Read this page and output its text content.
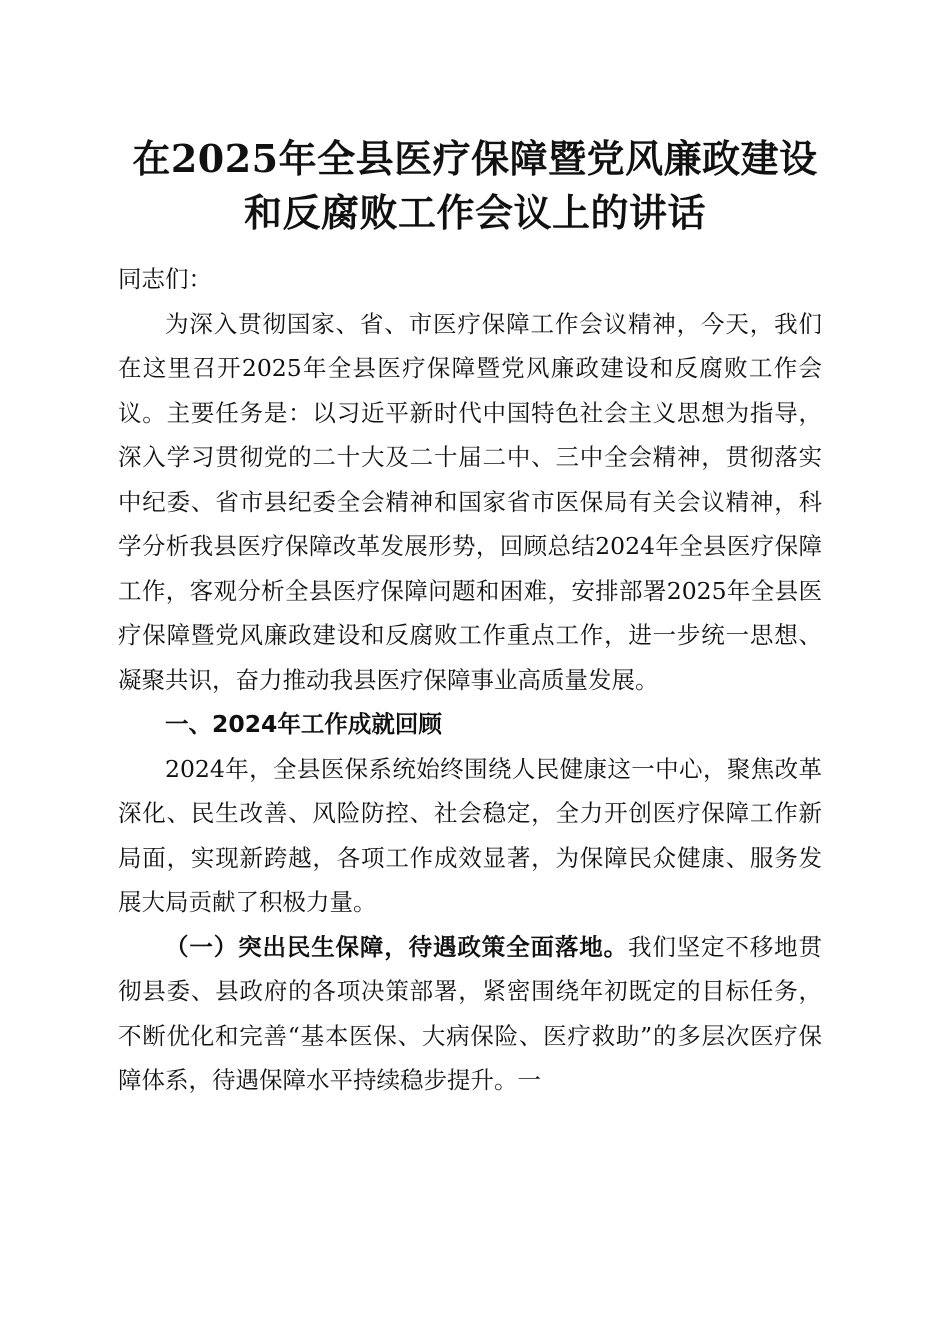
在2025年全县医疗保障暨党风廉政建设和反腐败工作会议上的讲话

同志们：

为深入贯彻国家、省、市医疗保障工作会议精神，今天，我们在这里召开2025年全县医疗保障暨党风廉政建设和反腐败工作会议。主要任务是：以习近平新时代中国特色社会主义思想为指导，深入学习贯彻党的二十大及二十届二中、三中全会精神，贯彻落实中纪委、省市县纪委全会精神和国家省市医保局有关会议精神，科学分析我县医疗保障改革发展形势，回顾总结2024年全县医疗保障工作，客观分析全县医疗保障问题和困难，安排部署2025年全县医疗保障暨党风廉政建设和反腐败工作重点工作，进一步统一思想、凝聚共识，奋力推动我县医疗保障事业高质量发展。

一、2024年工作成就回顾

2024年，全县医保系统始终围绕人民健康这一中心，聚焦改革深化、民生改善、风险防控、社会稳定，全力开创医疗保障工作新局面，实现新跨越，各项工作成效显著，为保障民众健康、服务发展大局贡献了积极力量。

（一）突出民生保障，待遇政策全面落地。我们坚定不移地贯彻县委、县政府的各项决策部署，紧密围绕年初既定的目标任务，不断优化和完善“基本医保、大病保险、医疗救助”的多层次医疗保障体系，待遇保障水平持续稳步提升。一
